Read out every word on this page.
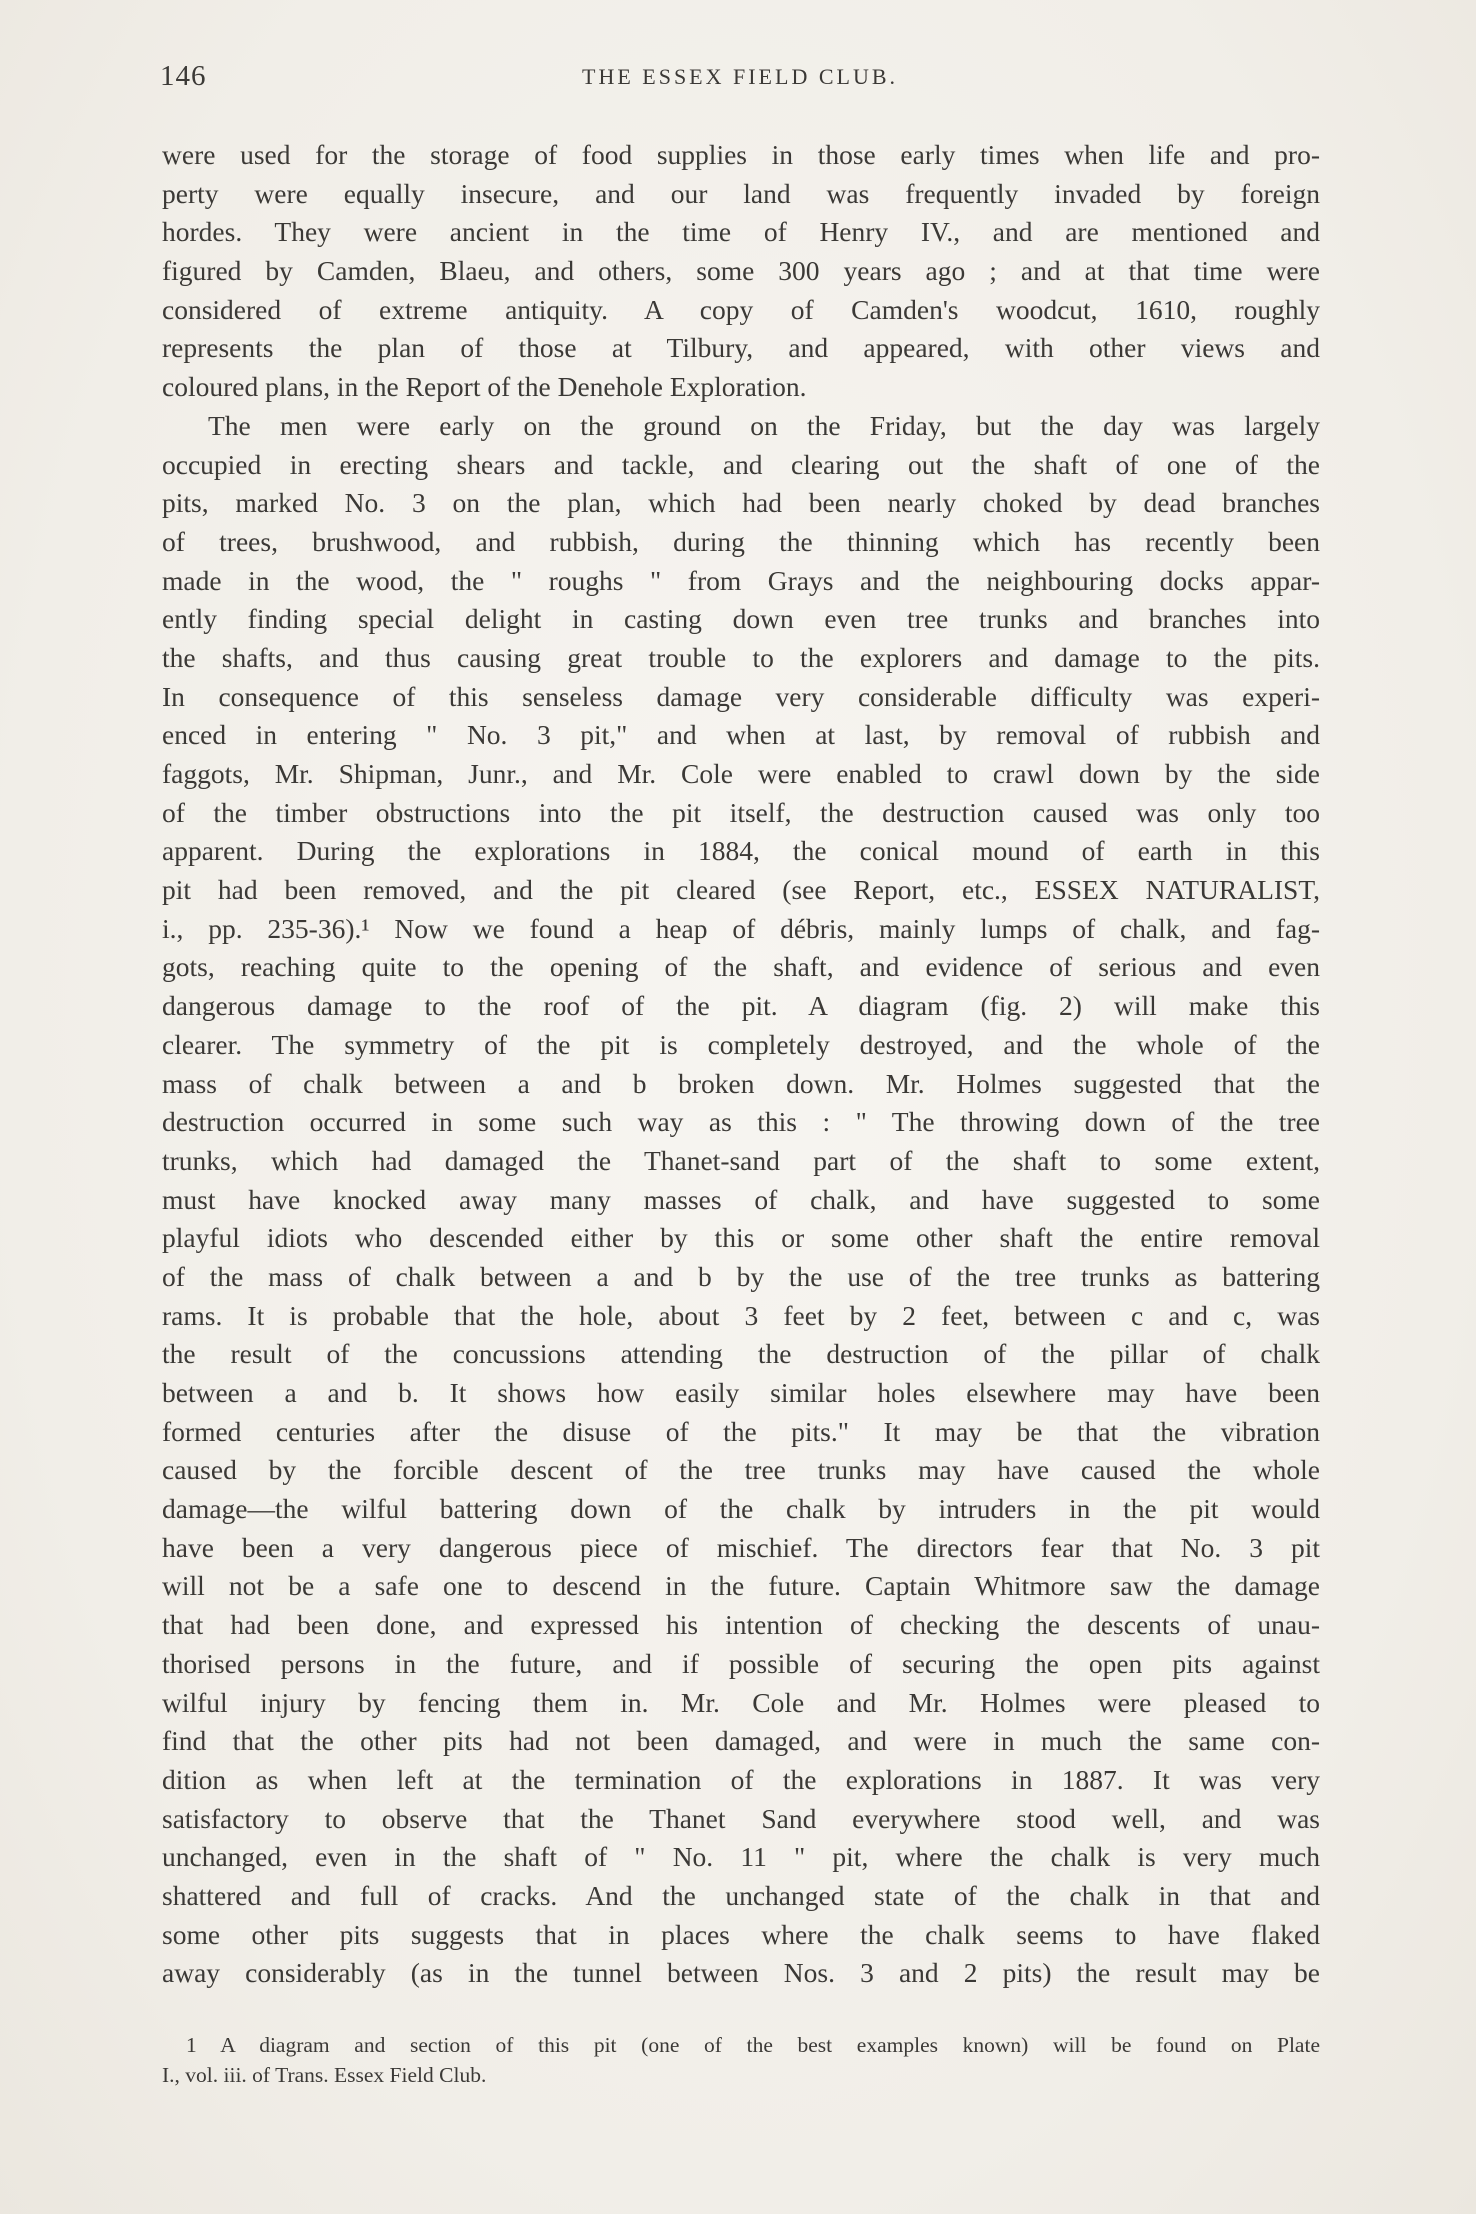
146	THE ESSEX FIELD CLUB.
were used for the storage of food supplies in those early times when life and pro-
perty were equally insecure, and our land was frequently invaded by foreign
hordes. They were ancient in the time of Henry IV., and are mentioned and
figured by Camden, Blaeu, and others, some 300 years ago ; and at that time were
considered of extreme antiquity. A copy of Camden's woodcut, 1610, roughly
represents the plan of those at Tilbury, and appeared, with other views and
coloured plans, in the Report of the Denehole Exploration.
The men were early on the ground on the Friday, but the day was largely
occupied in erecting shears and tackle, and clearing out the shaft of one of the
pits, marked No. 3 on the plan, which had been nearly choked by dead branches
of trees, brushwood, and rubbish, during the thinning which has recently been
made in the wood, the " roughs " from Grays and the neighbouring docks appar-
ently finding special delight in casting down even tree trunks and branches into
the shafts, and thus causing great trouble to the explorers and damage to the pits.
In consequence of this senseless damage very considerable difficulty was experi-
enced in entering " No. 3 pit," and when at last, by removal of rubbish and
faggots, Mr. Shipman, Junr., and Mr. Cole were enabled to crawl down by the side
of the timber obstructions into the pit itself, the destruction caused was only too
apparent. During the explorations in 1884, the conical mound of earth in this
pit had been removed, and the pit cleared (see Report, etc., ESSEX NATURALIST,
i., pp. 235-36).¹ Now we found a heap of débris, mainly lumps of chalk, and fag-
gots, reaching quite to the opening of the shaft, and evidence of serious and even
dangerous damage to the roof of the pit. A diagram (fig. 2) will make this
clearer. The symmetry of the pit is completely destroyed, and the whole of the
mass of chalk between a and b broken down. Mr. Holmes suggested that the
destruction occurred in some such way as this : " The throwing down of the tree
trunks, which had damaged the Thanet-sand part of the shaft to some extent,
must have knocked away many masses of chalk, and have suggested to some
playful idiots who descended either by this or some other shaft the entire removal
of the mass of chalk between a and b by the use of the tree trunks as battering
rams. It is probable that the hole, about 3 feet by 2 feet, between c and c, was
the result of the concussions attending the destruction of the pillar of chalk
between a and b. It shows how easily similar holes elsewhere may have been
formed centuries after the disuse of the pits." It may be that the vibration
caused by the forcible descent of the tree trunks may have caused the whole
damage—the wilful battering down of the chalk by intruders in the pit would
have been a very dangerous piece of mischief. The directors fear that No. 3 pit
will not be a safe one to descend in the future. Captain Whitmore saw the damage
that had been done, and expressed his intention of checking the descents of unau-
thorised persons in the future, and if possible of securing the open pits against
wilful injury by fencing them in. Mr. Cole and Mr. Holmes were pleased to
find that the other pits had not been damaged, and were in much the same con-
dition as when left at the termination of the explorations in 1887. It was very
satisfactory to observe that the Thanet Sand everywhere stood well, and was
unchanged, even in the shaft of " No. 11 " pit, where the chalk is very much
shattered and full of cracks. And the unchanged state of the chalk in that and
some other pits suggests that in places where the chalk seems to have flaked
away considerably (as in the tunnel between Nos. 3 and 2 pits) the result may be
1 A diagram and section of this pit (one of the best examples known) will be found on Plate
I., vol. iii. of Trans. Essex Field Club.
